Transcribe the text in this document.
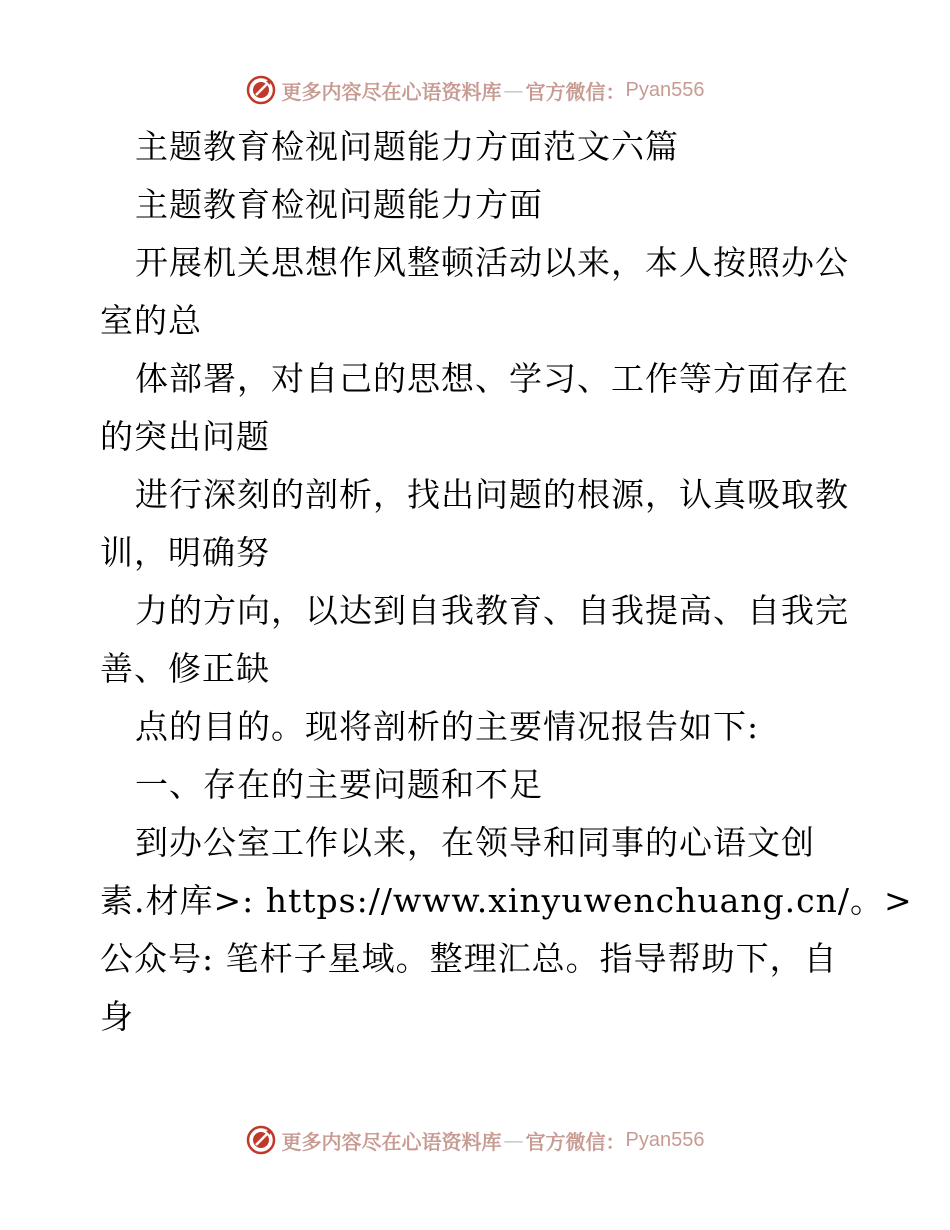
更多内容尽在心语资料库 — 官方微信： Pyan556
主题教育检视问题能力方面范文六篇
主题教育检视问题能力方面
开展机关思想作风整顿活动以来，本人按照办公
室的总
体部署，对自己的思想、学习、工作等方面存在
的突出问题
进行深刻的剖析，找出问题的根源，认真吸取教
训，明确努
力的方向，以达到自我教育、自我提高、自我完
善、修正缺
点的目的。现将剖析的主要情况报告如下:
一、存在的主要问题和不足
到办公室工作以来，在领导和同事的心语文创
素.材库>: https://www.xinyuwenchuang.cn/。>
公众号: 笔杆子星域。整理汇总。指导帮助下，自
身
更多内容尽在心语资料库 — 官方微信： Pyan556
